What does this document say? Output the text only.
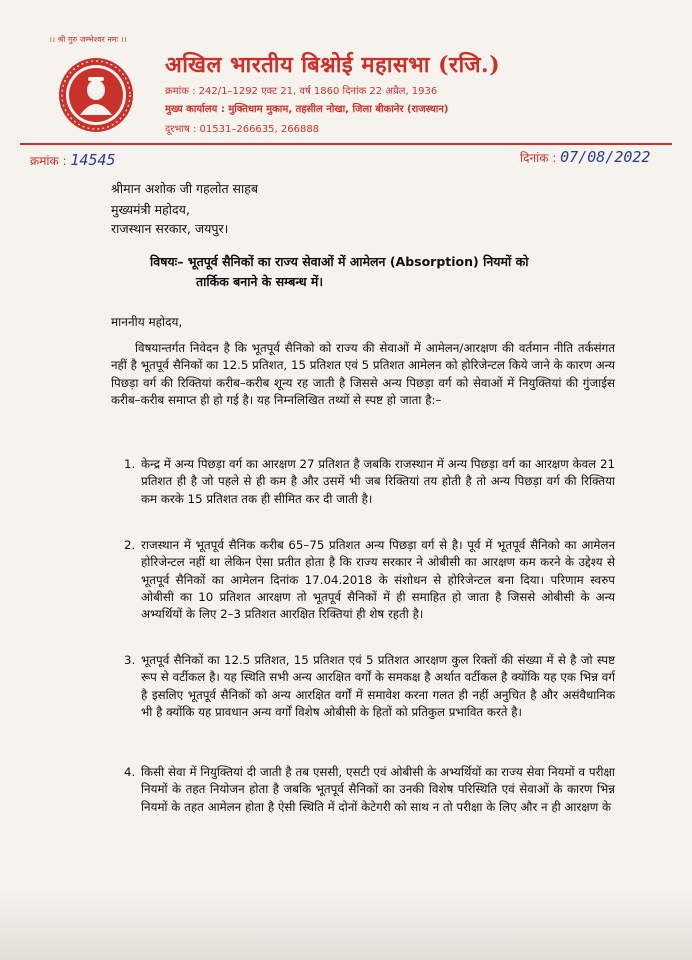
।। श्री गुरु जम्भेश्वर नमः ।।
अखिल भारतीय बिश्नोई महासभा (रजि.)
क्रमांक : 242/1–1292 एक्ट 21, वर्ष 1860 दिनांक 22 अप्रैल, 1936
मुख्य कार्यालय : मुक्तिधाम मुकाम, तहसील नोखा, जिला बीकानेर (राजस्थान)
दूरभाष : 01531–266635, 266888
क्रमांक : 14545	दिनांक : 07/08/2022
श्रीमान अशोक जी गहलोत साहब
मुख्यमंत्री महोदय,
राजस्थान सरकार, जयपुर।
विषयः– भूतपूर्व सैनिकों का राज्य सेवाओं में आमेलन (Absorption) नियमों को
तार्किक बनाने के सम्बन्ध में।
माननीय महोदय,

विषयान्तर्गत निवेदन है कि भूतपूर्व सैनिको को राज्य की सेवाओं में आमेलन/आरक्षण की वर्तमान नीति तर्कसंगत नहीं है भूतपूर्व सैनिकों का 12.5 प्रतिशत, 15 प्रतिशत एवं 5 प्रतिशत आमेलन को होरिजेन्टल किये जाने के कारण अन्य पिछड़ा वर्ग की रिक्तियां करीब–करीब शून्य रह जाती है जिससे अन्य पिछड़ा वर्ग को सेवाओं में नियुक्तियां की गुंजाईस करीब–करीब समाप्त ही हो गई है। यह निम्नलिखित तथ्यों से स्पष्ट हो जाता है:–

1. केन्द्र में अन्य पिछड़ा वर्ग का आरक्षण 27 प्रतिशत है जबकि राजस्थान में अन्य पिछड़ा वर्ग का आरक्षण केवल 21 प्रतिशत ही है जो पहले से ही कम है और उसमें भी जब रिक्तियां तय होती है तो अन्य पिछड़ा वर्ग की रिक्तिया कम करके 15 प्रतिशत तक ही सीमित कर दी जाती है।

2. राजस्थान में भूतपूर्व सैनिक करीब 65–75 प्रतिशत अन्य पिछड़ा वर्ग से है। पूर्व में भूतपूर्व सैनिको का आमेलन होरिजेन्टल नहीं था लेकिन ऐसा प्रतीत होता है कि राज्य सरकार ने ओबीसी का आरक्षण कम करने के उद्देश्य से भूतपूर्व सैनिकों का आमेलन दिनांक 17.04.2018 के संशोधन से होरिजेन्टल बना दिया। परिणाम स्वरुप ओबीसी का 10 प्रतिशत आरक्षण तो भूतपूर्व सैनिकों में ही समाहित हो जाता है जिससे ओबीसी के अन्य अभ्यर्थियों के लिए 2–3 प्रतिशत आरक्षित रिक्तियां ही शेष रहती है।

3. भूतपूर्व सैनिकों का 12.5 प्रतिशत, 15 प्रतिशत एवं 5 प्रतिशत आरक्षण कुल रिक्तों की संख्या में से है जो स्पष्ट रूप से वर्टीकल है। यह स्थिति सभी अन्य आरक्षित वर्गों के समकक्ष है अर्थात वर्टीकल है क्योंकि यह एक भिन्न वर्ग है इसलिए भूतपूर्व सैनिकों को अन्य आरक्षित वर्गों में समावेश करना गलत ही नहीं अनुचित है और असंवैधानिक भी है क्योंकि यह प्रावधान अन्य वर्गों विशेष ओबीसी के हितों को प्रतिकुल प्रभावित करते है।

4. किसी सेवा में नियुक्तियां दी जाती है तब एससी, एसटी एवं ओबीसी के अभ्यर्थियों का राज्य सेवा नियमों व परीक्षा नियमों के तहत नियोजन होता है जबकि भूतपूर्व सैनिकों का उनकी विशेष परिस्थिति एवं सेवाओं के कारण भिन्न नियमों के तहत आमेलन होता है ऐसी स्थिति में दोनों केटेगरी को साथ न तो परीक्षा के लिए और न ही आरक्षण के
